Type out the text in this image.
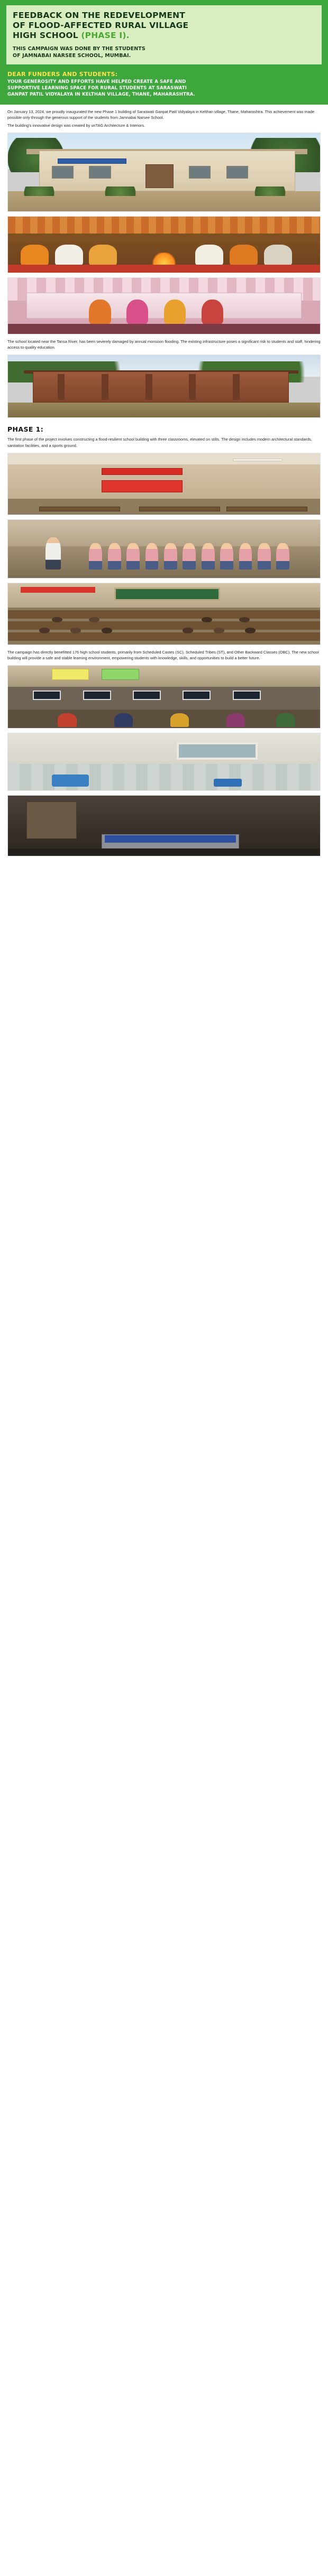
FEEDBACK ON THE REDEVELOPMENT
OF FLOOD-AFFECTED RURAL VILLAGE
HIGH SCHOOL (PHASE I).
THIS CAMPAIGN WAS DONE BY THE STUDENTS
OF JAMNABAI NARSEE SCHOOL, MUMBAI.
DEAR FUNDERS AND STUDENTS:
YOUR GENEROSITY AND EFFORTS HAVE HELPED CREATE A SAFE AND
SUPPORTIVE LEARNING SPACE FOR RURAL STUDENTS AT SARASWATI
GANPAT PATIL VIDYALAYA IN KELTHAN VILLAGE, THANE, MAHARASHTRA.

On January 13, 2024, we proudly inaugurated the new Phase 1 building of Saraswati Ganpat Patil Vidyalaya in Kelthan village, Thane, Maharashtra. This achievement was made possible only through the generous support of the students from Jamnabai Narsee School.

The building's innovative design was created by unTAG Architecture & Interiors.

The school located near the Tansa River, has been severely damaged by annual monsoon flooding. The existing infrastructure poses a significant risk to students and staff, hindering access to quality education.

PHASE 1:

The first phase of the project involves constructing a flood-resilient school building with three classrooms, elevated on stilts. The design includes modern architectural standards, sanitation facilities, and a sports ground.

The campaign has directly benefitted 176 high school students, primarily from Scheduled Castes (SC), Scheduled Tribes (ST), and Other Backward Classes (OBC). The new school building will provide a safe and stable learning environment, empowering students with knowledge, skills, and opportunities to build a better future.
